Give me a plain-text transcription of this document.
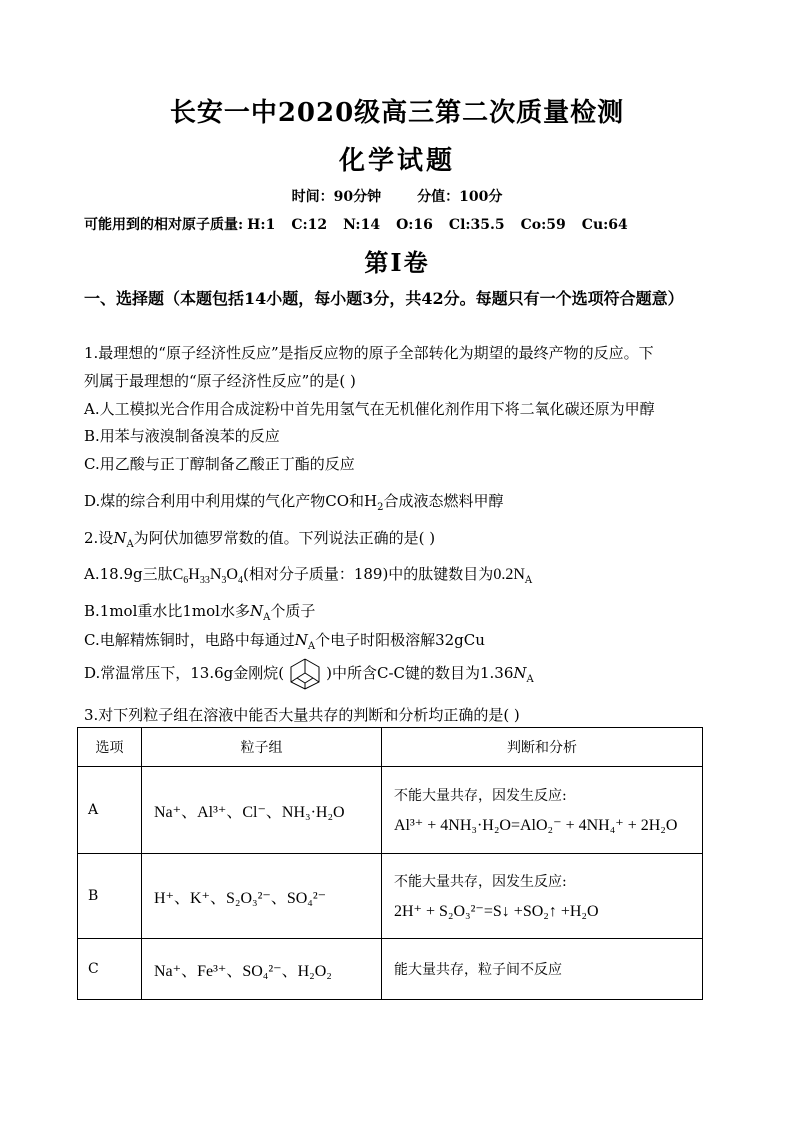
长安一中2020级高三第二次质量检测
化学试题
时间：90分钟	分值：100分
可能用到的相对原子质量: H:1 C:12 N:14 O:16 Cl:35.5 Co:59 Cu:64
第I卷
一、选择题（本题包括14小题，每小题3分，共42分。每题只有一个选项符合题意）
1.最理想的“原子经济性反应”是指反应物的原子全部转化为期望的最终产物的反应。下
列属于最理想的“原子经济性反应”的是( )
A.人工模拟光合作用合成淀粉中首先用氢气在无机催化剂作用下将二氧化碳还原为甲醇
B.用苯与液溴制备溴苯的反应
C.用乙酸与正丁醇制备乙酸正丁酯的反应
D.煤的综合利用中利用煤的气化产物CO和$H_2$合成液态燃料甲醇
2.设$N_A$为阿伏加德罗常数的值。下列说法正确的是( )
A.18.9g三肽$C_6H_{33}N_3O_4$(相对分子质量：189)中的肽键数目为$0.2N_A$
B.1mol重水比1mol水多$N_A$个质子
C.电解精炼铜时，电路中每通过$N_A$个电子时阳极溶解32gCu
D.常温常压下，13.6g金刚烷(	)中所含C-C键的数目为$1.36N_A$
3.对下列粒子组在溶液中能否大量共存的判断和分析均正确的是( )
选项	粒子组	判断和分析
A	Na⁺、Al³⁺、Cl⁻、NH₃·H₂O	不能大量共存，因发生反应:
Al³⁺ + 4NH₃·H₂O=AlO₂⁻ + 4NH₄⁺ + 2H₂O

B	H⁺、K⁺、S₂O₃²⁻、SO₄²⁻	不能大量共存，因发生反应:
2H⁺ + S₂O₃²⁻=S↓ +SO₂↑ +H₂O

C	Na⁺、Fe³⁺、SO₄²⁻、H₂O₂	能大量共存，粒子间不反应
